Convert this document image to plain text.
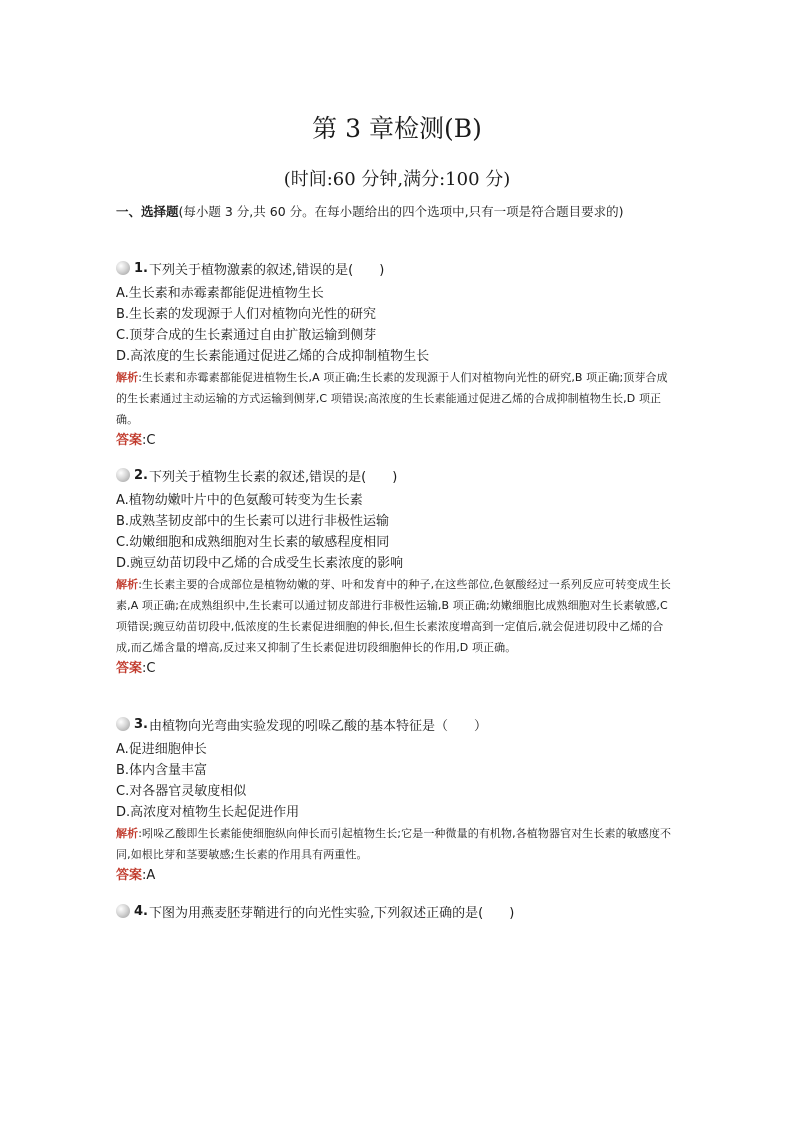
第 3 章检测(B)
(时间:60 分钟,满分:100 分)
一、选择题(每小题 3 分,共 60 分。在每小题给出的四个选项中,只有一项是符合题目要求的)
1. 下列关于植物激素的叙述,错误的是(　　)
A.生长素和赤霉素都能促进植物生长
B.生长素的发现源于人们对植物向光性的研究
C.顶芽合成的生长素通过自由扩散运输到侧芽
D.高浓度的生长素能通过促进乙烯的合成抑制植物生长
解析:生长素和赤霉素都能促进植物生长,A 项正确;生长素的发现源于人们对植物向光性的研究,B 项正确;顶芽合成的生长素通过主动运输的方式运输到侧芽,C 项错误;高浓度的生长素能通过促进乙烯的合成抑制植物生长,D 项正确。
答案:C
2. 下列关于植物生长素的叙述,错误的是(　　)
A.植物幼嫩叶片中的色氨酸可转变为生长素
B.成熟茎韧皮部中的生长素可以进行非极性运输
C.幼嫩细胞和成熟细胞对生长素的敏感程度相同
D.豌豆幼苗切段中乙烯的合成受生长素浓度的影响
解析:生长素主要的合成部位是植物幼嫩的芽、叶和发育中的种子,在这些部位,色氨酸经过一系列反应可转变成生长素,A 项正确;在成熟组织中,生长素可以通过韧皮部进行非极性运输,B 项正确;幼嫩细胞比成熟细胞对生长素敏感,C 项错误;豌豆幼苗切段中,低浓度的生长素促进细胞的伸长,但生长素浓度增高到一定值后,就会促进切段中乙烯的合成,而乙烯含量的增高,反过来又抑制了生长素促进切段细胞伸长的作用,D 项正确。
答案:C
3. 由植物向光弯曲实验发现的吲哚乙酸的基本特征是（　　）
A.促进细胞伸长
B.体内含量丰富
C.对各器官灵敏度相似
D.高浓度对植物生长起促进作用
解析:吲哚乙酸即生长素能使细胞纵向伸长而引起植物生长;它是一种微量的有机物,各植物器官对生长素的敏感度不同,如根比芽和茎要敏感;生长素的作用具有两重性。
答案:A
4. 下图为用燕麦胚芽鞘进行的向光性实验,下列叙述正确的是(　　)
